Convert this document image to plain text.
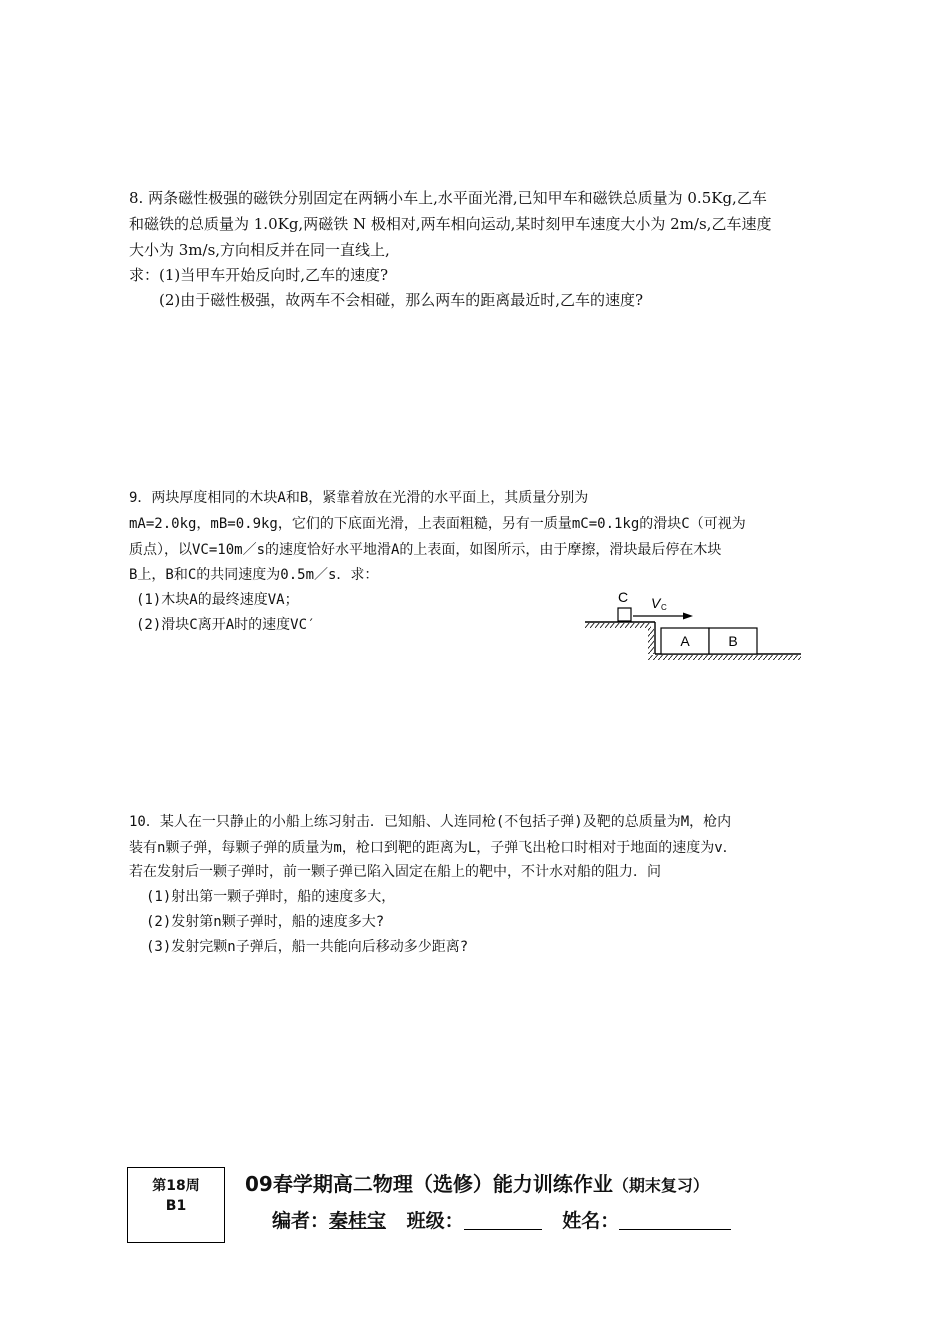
8. 两条磁性极强的磁铁分别固定在两辆小车上,水平面光滑,已知甲车和磁铁总质量为 0.5Kg,乙车
和磁铁的总质量为 1.0Kg,两磁铁 N 极相对,两车相向运动,某时刻甲车速度大小为 2m/s,乙车速度
大小为 3m/s,方向相反并在同一直线上,
求：(1)当甲车开始反向时,乙车的速度?
(2)由于磁性极强，故两车不会相碰，那么两车的距离最近时,乙车的速度?
9．两块厚度相同的木块A和B，紧靠着放在光滑的水平面上，其质量分别为
mA=2.0kg，mB=0.9kg，它们的下底面光滑，上表面粗糙，另有一质量mC=0.1kg的滑块C（可视为
质点），以VC=10m／s的速度恰好水平地滑A的上表面，如图所示，由于摩擦，滑块最后停在木块
B上，B和C的共同速度为0.5m／s．求：
(1)木块A的最终速度VA；
(2)滑块C离开A时的速度VC′
A	B
C V C
10．某人在一只静止的小船上练习射击．已知船、人连同枪(不包括子弹)及靶的总质量为M，枪内
装有n颗子弹，每颗子弹的质量为m，枪口到靶的距离为L，子弹飞出枪口时相对于地面的速度为v．
若在发射后一颗子弹时，前一颗子弹已陷入固定在船上的靶中，不计水对船的阻力．问
(1)射出第一颗子弹时，船的速度多大，
(2)发射第n颗子弹时，船的速度多大?
(3)发射完颗n子弹后，船一共能向后移动多少距离?
第18周
B1
09春学期高二物理（选修）能力训练作业（期末复习）
编者：秦桂宝 班级：	姓名：
